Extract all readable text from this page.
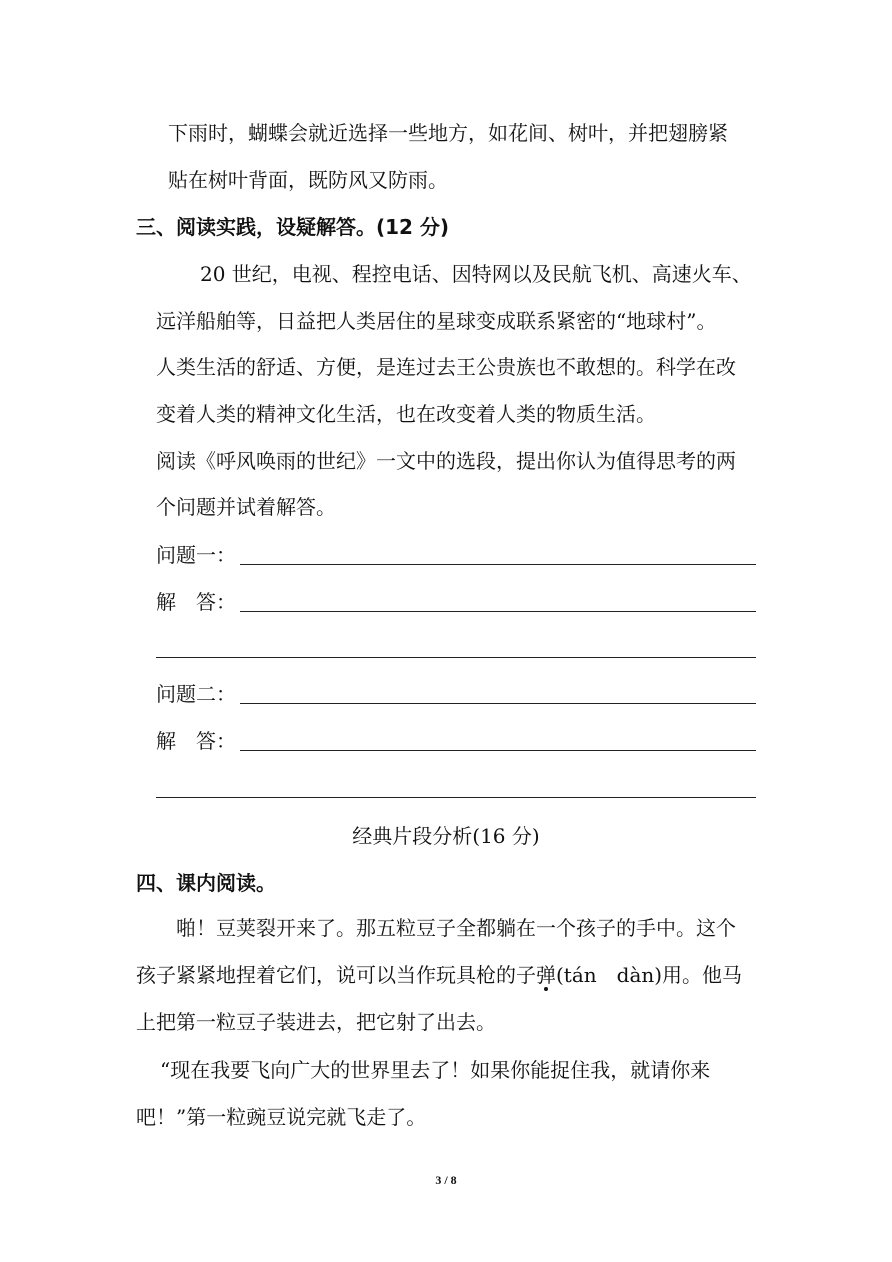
下雨时，蝴蝶会就近选择一些地方，如花间、树叶，并把翅膀紧
贴在树叶背面，既防风又防雨。
三、阅读实践，设疑解答。(12 分)
20 世纪，电视、程控电话、因特网以及民航飞机、高速火车、
远洋船舶等，日益把人类居住的星球变成联系紧密的“地球村”。
人类生活的舒适、方便，是连过去王公贵族也不敢想的。科学在改
变着人类的精神文化生活，也在改变着人类的物质生活。
阅读《呼风唤雨的世纪》一文中的选段，提出你认为值得思考的两
个问题并试着解答。
问题一：
解　答：
问题二：
解　答：
经典片段分析(16 分)
四、课内阅读。
啪！豆荚裂开来了。那五粒豆子全都躺在一个孩子的手中。这个
孩子紧紧地捏着它们，说可以当作玩具枪的子弹(tán　dàn)用。他马
上把第一粒豆子装进去，把它射了出去。
“现在我要飞向广大的世界里去了！如果你能捉住我，就请你来
吧！”第一粒豌豆说完就飞走了。
3 / 8
